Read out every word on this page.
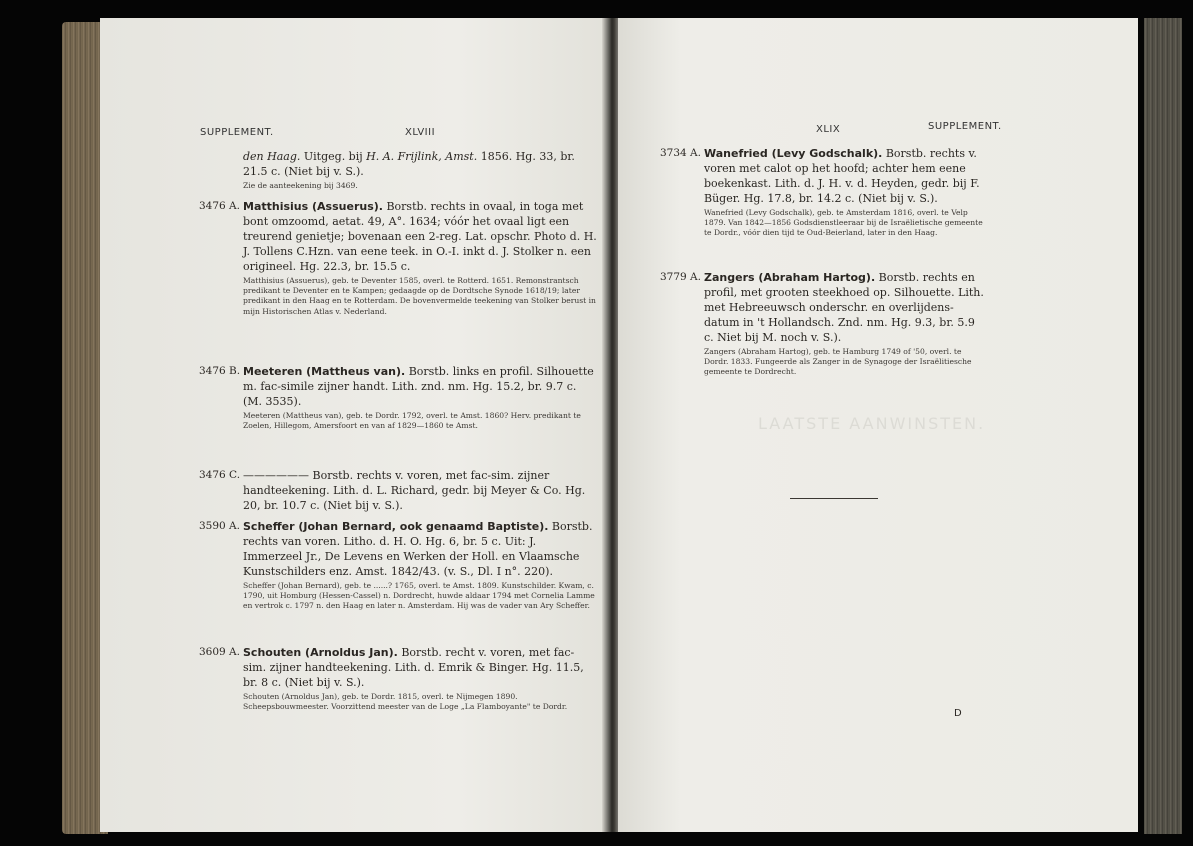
SUPPLEMENT.	XLVIII

den Haag. Uitgeg. bij H. A. Frijlink, Amst. 1856. Hg. 33, br. 21.5 c. (Niet bij v. S.).

Zie de aanteekening bij 3469.

3476 A. Matthisius (Assuerus). Borstb. rechts in ovaal, in toga met bont omzoomd, aetat. 49, A°. 1634; vóór het ovaal ligt een treurend genietje; bovenaan een 2-reg. Lat. opschr. Photo d. H. J. Tollens C.Hzn. van eene teek. in O.-I. inkt d. J. Stolker n. een origineel. Hg. 22.3, br. 15.5 c.

Matthisius (Assuerus), geb. te Deventer 1585, overl. te Rotterd. 1651. Remonstrantsch predikant te Deventer en te Kampen; gedaagde op de Dordtsche Synode 1618/19; later predikant in den Haag en te Rotterdam. De bovenvermelde teekening van Stolker berust in mijn Historischen Atlas v. Nederland.

3476 B. Meeteren (Mattheus van). Borstb. links en profil. Silhouette m. fac-simile zijner handt. Lith. znd. nm. Hg. 15.2, br. 9.7 c. (M. 3535).

Meeteren (Mattheus van), geb. te Dordr. 1792, overl. te Amst. 1860? Herv. predikant te Zoelen, Hillegom, Amersfoort en van af 1829—1860 te Amst.

3476 C. —————— Borstb. rechts v. voren, met fac-sim. zijner handteekening. Lith. d. L. Richard, gedr. bij Meyer & Co. Hg. 20, br. 10.7 c. (Niet bij v. S.).

3590 A. Scheffer (Johan Bernard, ook genaamd Baptiste). Borstb. rechts van voren. Litho. d. H. O. Hg. 6, br. 5 c. Uit: J. Immerzeel Jr., De Levens en Werken der Holl. en Vlaamsche Kunstschilders enz. Amst. 1842/43. (v. S., Dl. I n°. 220).

Scheffer (Johan Bernard), geb. te ......? 1765, overl. te Amst. 1809. Kunstschilder. Kwam, c. 1790, uit Homburg (Hessen-Cassel) n. Dordrecht, huwde aldaar 1794 met Cornelia Lamme en vertrok c. 1797 n. den Haag en later n. Amsterdam. Hij was de vader van Ary Scheffer.

3609 A. Schouten (Arnoldus Jan). Borstb. recht v. voren, met fac-sim. zijner handteekening. Lith. d. Emrik & Binger. Hg. 11.5, br. 8 c. (Niet bij v. S.).

Schouten (Arnoldus Jan), geb. te Dordr. 1815, overl. te Nijmegen 1890. Scheepsbouwmeester. Voorzittend meester van de Loge „La Flamboyante" te Dordr.

XLIX	SUPPLEMENT.
LAATSTE AANWINSTEN.
3734 A. Wanefried (Levy Godschalk). Borstb. rechts v. voren met calot op het hoofd; achter hem eene boekenkast. Lith. d. J. H. v. d. Heyden, gedr. bij F. Büger. Hg. 17.8, br. 14.2 c. (Niet bij v. S.).

Wanefried (Levy Godschalk), geb. te Amsterdam 1816, overl. te Velp 1879. Van 1842—1856 Godsdienstleeraar bij de Israëlietische gemeente te Dordr., vóór dien tijd te Oud-Beierland, later in den Haag.

3779 A. Zangers (Abraham Hartog). Borstb. rechts en profil, met grooten steekhoed op. Silhouette. Lith. met Hebreeuwsch onderschr. en overlijdens-datum in 't Hollandsch. Znd. nm. Hg. 9.3, br. 5.9 c. Niet bij M. noch v. S.).

Zangers (Abraham Hartog), geb. te Hamburg 1749 of '50, overl. te Dordr. 1833. Fungeerde als Zanger in de Synagoge der Israëlitiesche gemeente te Dordrecht.

D
